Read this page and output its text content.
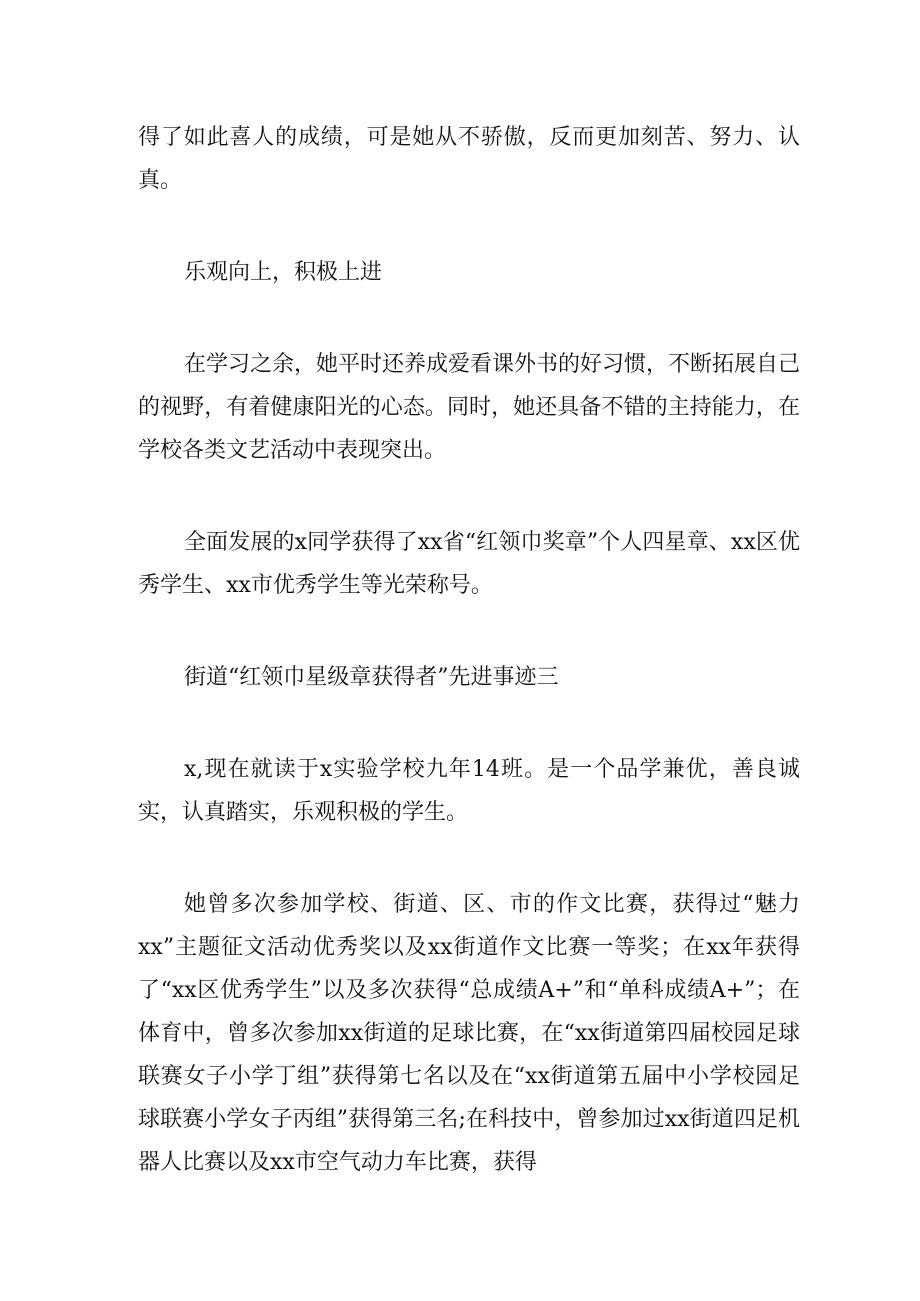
得了如此喜人的成绩，可是她从不骄傲，反而更加刻苦、努力、认真。

乐观向上，积极上进

在学习之余，她平时还养成爱看课外书的好习惯，不断拓展自己的视野，有着健康阳光的心态。同时，她还具备不错的主持能力，在学校各类文艺活动中表现突出。

全面发展的x同学获得了xx省“红领巾奖章”个人四星章、xx区优秀学生、xx市优秀学生等光荣称号。

街道“红领巾星级章获得者”先进事迹三

x,现在就读于x实验学校九年14班。是一个品学兼优，善良诚实，认真踏实，乐观积极的学生。

她曾多次参加学校、街道、区、市的作文比赛，获得过“魅力xx”主题征文活动优秀奖以及xx街道作文比赛一等奖；在xx年获得了“xx区优秀学生”以及多次获得“总成绩A+”和“单科成绩A+”；在体育中，曾多次参加xx街道的足球比赛，在“xx街道第四届校园足球联赛女子小学丁组”获得第七名以及在“xx街道第五届中小学校园足球联赛小学女子丙组”获得第三名;在科技中，曾参加过xx街道四足机器人比赛以及xx市空气动力车比赛，获得
